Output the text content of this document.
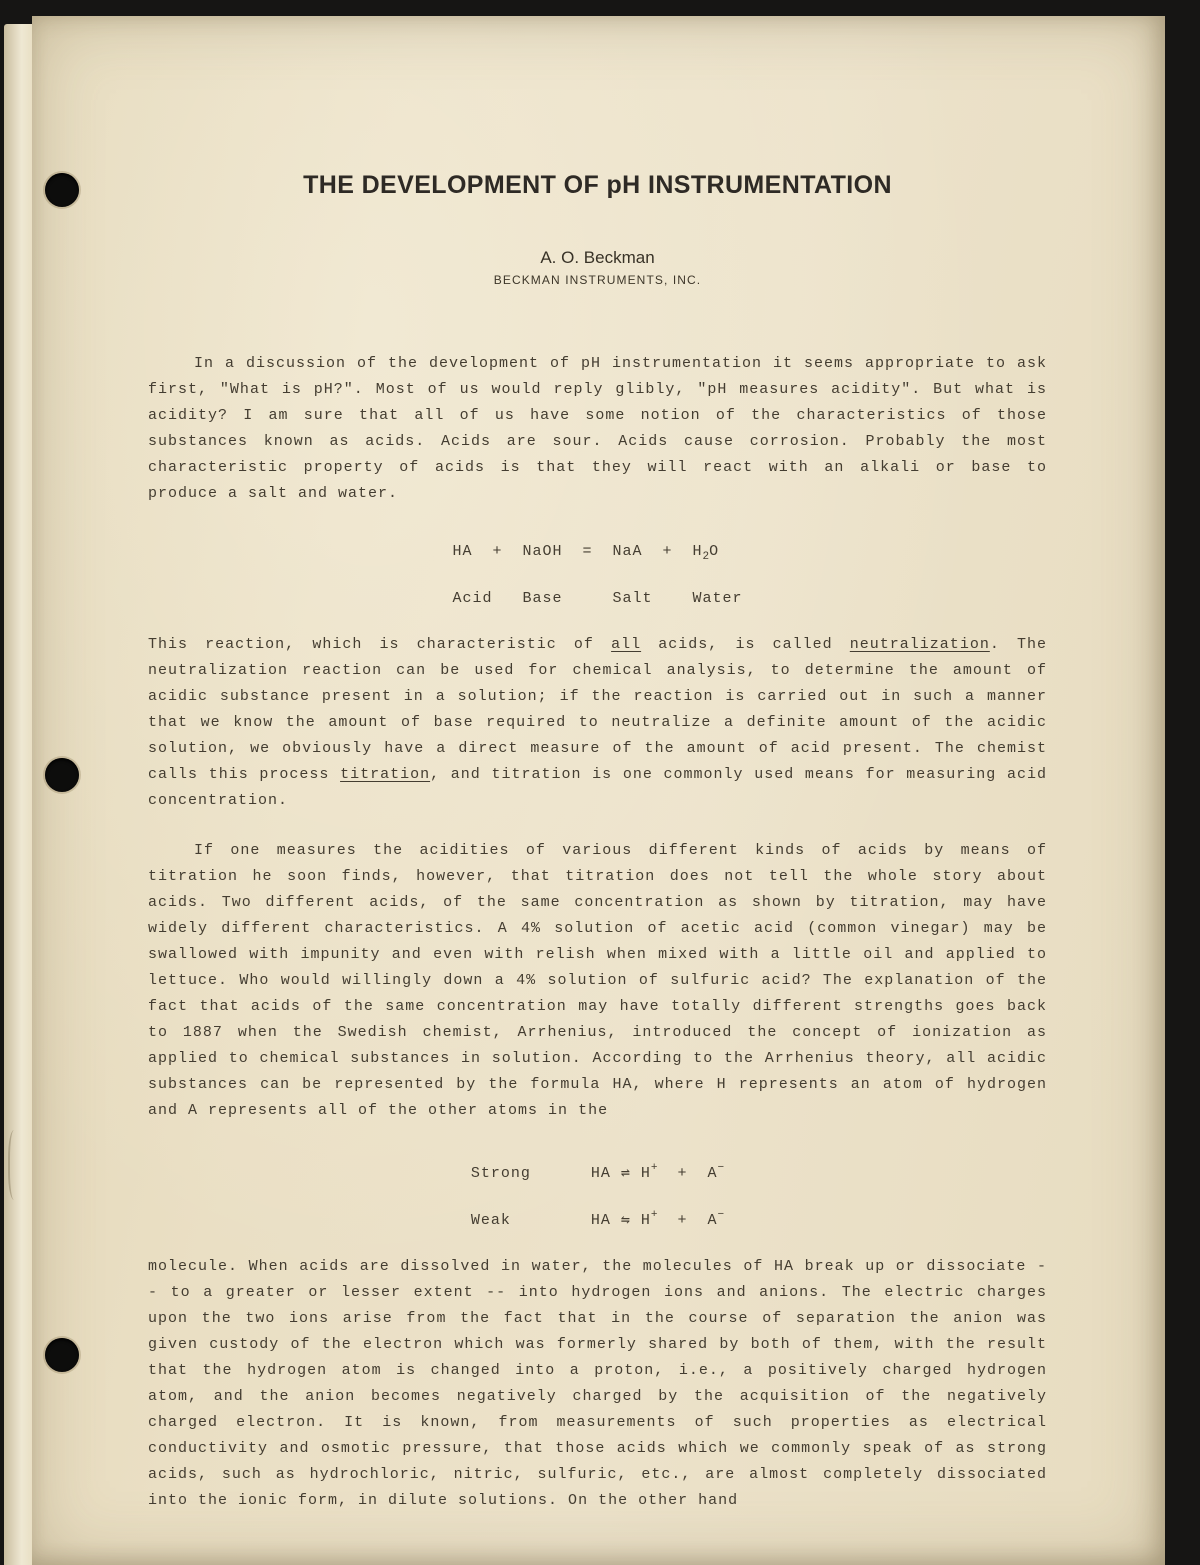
THE DEVELOPMENT OF pH INSTRUMENTATION
A. O. Beckman
BECKMAN INSTRUMENTS, INC.

In a discussion of the development of pH instrumentation it seems appropriate to ask first, "What is pH?". Most of us would reply glibly, "pH measures acidity". But what is acidity? I am sure that all of us have some notion of the characteristics of those substances known as acids. Acids are sour. Acids cause corrosion. Probably the most characteristic property of acids is that they will react with an alkali or base to produce a salt and water.

HA  +  NaOH  =  NaA  +  $H_2O$
Acid   Base     Salt    Water

This reaction, which is characteristic of all acids, is called neutralization. The neutralization reaction can be used for chemical analysis, to determine the amount of acidic substance present in a solution; if the reaction is carried out in such a manner that we know the amount of base required to neutralize a definite amount of the acidic solution, we obviously have a direct measure of the amount of acid present. The chemist calls this process titration, and titration is one commonly used means for measuring acid concentration.

If one measures the acidities of various different kinds of acids by means of titration he soon finds, however, that titration does not tell the whole story about acids. Two different acids, of the same concentration as shown by titration, may have widely different characteristics. A 4% solution of acetic acid (common vinegar) may be swallowed with impunity and even with relish when mixed with a little oil and applied to lettuce. Who would willingly down a 4% solution of sulfuric acid? The explanation of the fact that acids of the same concentration may have totally different strengths goes back to 1887 when the Swedish chemist, Arrhenius, introduced the concept of ionization as applied to chemical substances in solution. According to the Arrhenius theory, all acidic substances can be represented by the formula HA, where H represents an atom of hydrogen and A represents all of the other atoms in the

Strong      HA ⇌ H+  +  A−
Weak        HA ⇋ H+  +  A−

molecule. When acids are dissolved in water, the molecules of HA break up or dissociate -- to a greater or lesser extent -- into hydrogen ions and anions. The electric charges upon the two ions arise from the fact that in the course of separation the anion was given custody of the electron which was formerly shared by both of them, with the result that the hydrogen atom is changed into a proton, i.e., a positively charged hydrogen atom, and the anion becomes negatively charged by the acquisition of the negatively charged electron. It is known, from measurements of such properties as electrical conductivity and osmotic pressure, that those acids which we commonly speak of as strong acids, such as hydrochloric, nitric, sulfuric, etc., are almost completely dissociated into the ionic form, in dilute solutions. On the other hand
